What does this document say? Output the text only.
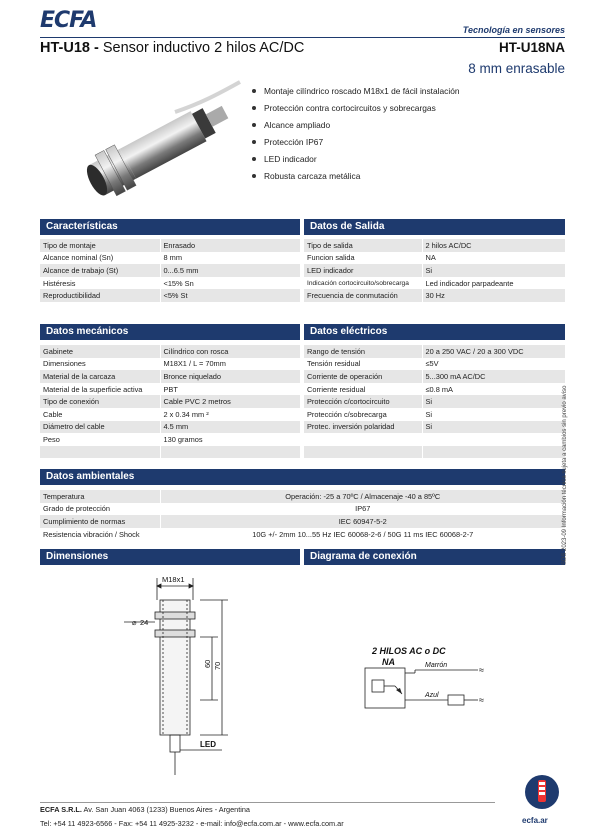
ECFA	Tecnología en sensores
HT-U18 - Sensor inductivo 2 hilos AC/DC	HT-U18NA
8 mm enrasable
Montaje cilíndrico roscado M18x1 de fácil instalación
Protección contra cortocircuitos y sobrecargas
Alcance ampliado
Protección IP67
LED indicador
Robusta carcaza metálica
Características
Tipo de montaje	Enrasado
Alcance nominal (Sn)	8 mm
Alcance de trabajo (St)	0...6.5 mm
Histéresis	<15% Sn
Reproductibilidad	<5% St
Datos de Salida
Tipo de salida	2 hilos AC/DC
Funcion salida	NA
LED indicador	Si
Indicación cortocircuito/sobrecarga	Led indicador parpadeante
Frecuencia de conmutación	30 Hz
Datos mecánicos
Gabinete	Cilíndrico con rosca
Dimensiones	M18X1 / L = 70mm
Material de la carcaza	Bronce niquelado
Material de la superficie activa	PBT
Tipo de conexión	Cable PVC 2 metros
Cable	2 x 0.34 mm ²
Diámetro del cable	4.5 mm
Peso	130 gramos

Datos eléctricos
Rango de tensión	20 a 250 VAC / 20 a 300 VDC
Tensión residual	≤5V
Corriente de operación	5...300 mA AC/DC
Corriente residual	≤0.8 mA
Protección c/cortocircuito	Si
Protección c/sobrecarga	Si
Protec. inversión polaridad	Si

Datos ambientales
Temperatura	Operación: -25 a 70ºC / Almacenaje -40 a 85ºC
Grado de protección	IP67
Cumplimiento de normas	IEC 60947-5-2
Resistencia vibración / Shock	10G +/- 2mm 10...55 Hz IEC 60068-2-6 / 50G 11 ms IEC 60068-2-7
Dimensiones	Diagrama de conexión
M18x1
24
⌀
60 70
LED
2 HILOS AC o DC
NA	Marrón
Azul
≈
≈
SDS 2023-09 Información técnica sujeta a cambios sin previo aviso
ECFA S.R.L. Av. San Juan 4063 (1233) Buenos Aires - Argentina
Tel: +54 11 4923-6566 - Fax: +54 11 4925-3232 - e-mail: info@ecfa.com.ar - www.ecfa.com.ar	ecfa.ar
